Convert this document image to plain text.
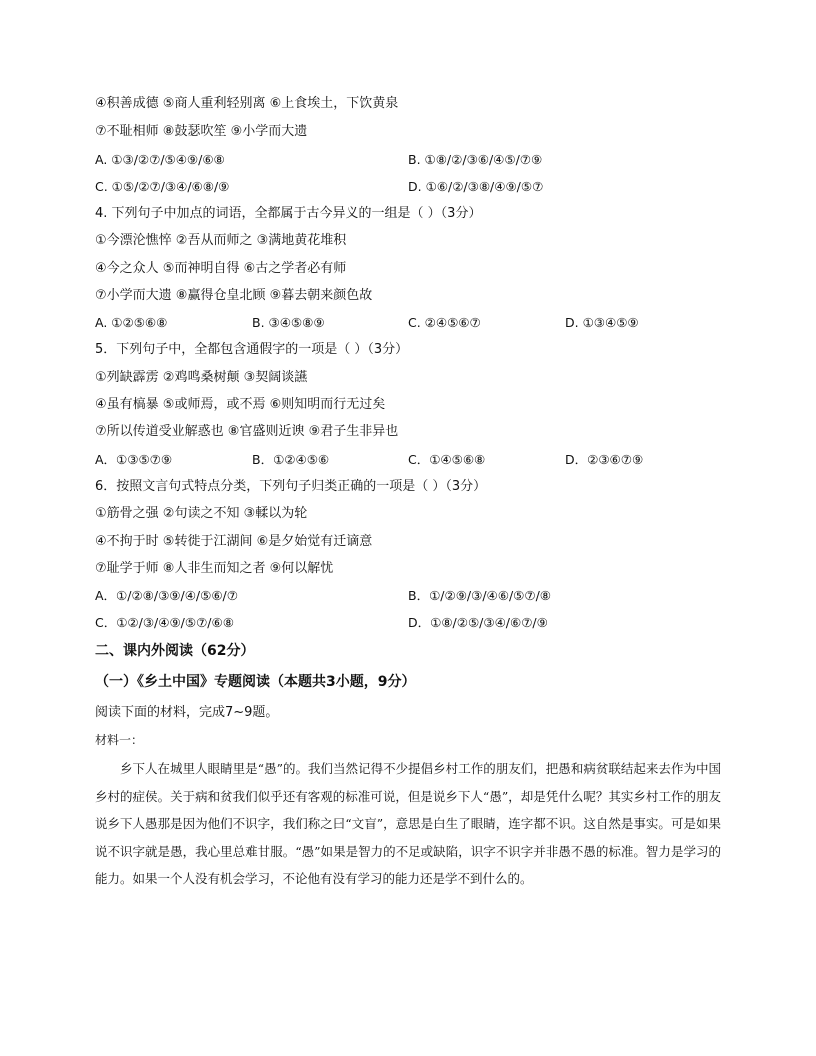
④积善成德 ⑤商人重利轻别离 ⑥上食埃土，下饮黄泉
⑦不耻相师 ⑧鼓瑟吹笙 ⑨小学而大遗
A. ①③/②⑦/⑤④⑨/⑥⑧	B. ①⑧/②/③⑥/④⑤/⑦⑨
C. ①⑤/②⑦/③④/⑥⑧/⑨	D. ①⑥/②/③⑧/④⑨/⑤⑦
4. 下列句子中加点的词语，全都属于古今异义的一组是（ ）（3分）
①今漂沦憔悴 ②吾从而师之 ③满地黄花堆积
④今之众人 ⑤而神明自得 ⑥古之学者必有师
⑦小学而大遗 ⑧赢得仓皇北顾 ⑨暮去朝来颜色故
A. ①②⑤⑥⑧	B. ③④⑤⑧⑨	C. ②④⑤⑥⑦	D. ①③④⑤⑨
5．下列句子中，全都包含通假字的一项是（ ）（3分）
①列缺霹雳 ②鸡鸣桑树颠 ③契阔谈讌
④虽有槁暴 ⑤或师焉，或不焉 ⑥则知明而行无过矣
⑦所以传道受业解惑也 ⑧官盛则近谀 ⑨君子生非异也
A．①③⑤⑦⑨	B．①②④⑤⑥	C．①④⑤⑥⑧	D．②③⑥⑦⑨
6．按照文言句式特点分类，下列句子归类正确的一项是（ ）（3分）
①筋骨之强 ②句读之不知 ③輮以为轮
④不拘于时 ⑤转徙于江湖间 ⑥是夕始觉有迁谪意
⑦耻学于师 ⑧人非生而知之者 ⑨何以解忧
A．①/②⑧/③⑨/④/⑤⑥/⑦	B．①/②⑨/③/④⑥/⑤⑦/⑧
C．①②/③/④⑨/⑤⑦/⑥⑧	D．①⑧/②⑤/③④/⑥⑦/⑨
二、课内外阅读（62分）
（一）《乡土中国》专题阅读（本题共3小题，9分）
阅读下面的材料，完成7~9题。
材料一：
乡下人在城里人眼睛里是“愚”的。我们当然记得不少提倡乡村工作的朋友们，把愚和病贫联结起来去作为中国乡村的症侯。关于病和贫我们似乎还有客观的标准可说，但是说乡下人“愚”，却是凭什么呢？其实乡村工作的朋友说乡下人愚那是因为他们不识字，我们称之曰“文盲”，意思是白生了眼睛，连字都不识。这自然是事实。可是如果说不识字就是愚，我心里总难甘服。“愚”如果是智力的不足或缺陷，识字不识字并非愚不愚的标准。智力是学习的能力。如果一个人没有机会学习，不论他有没有学习的能力还是学不到什么的。
